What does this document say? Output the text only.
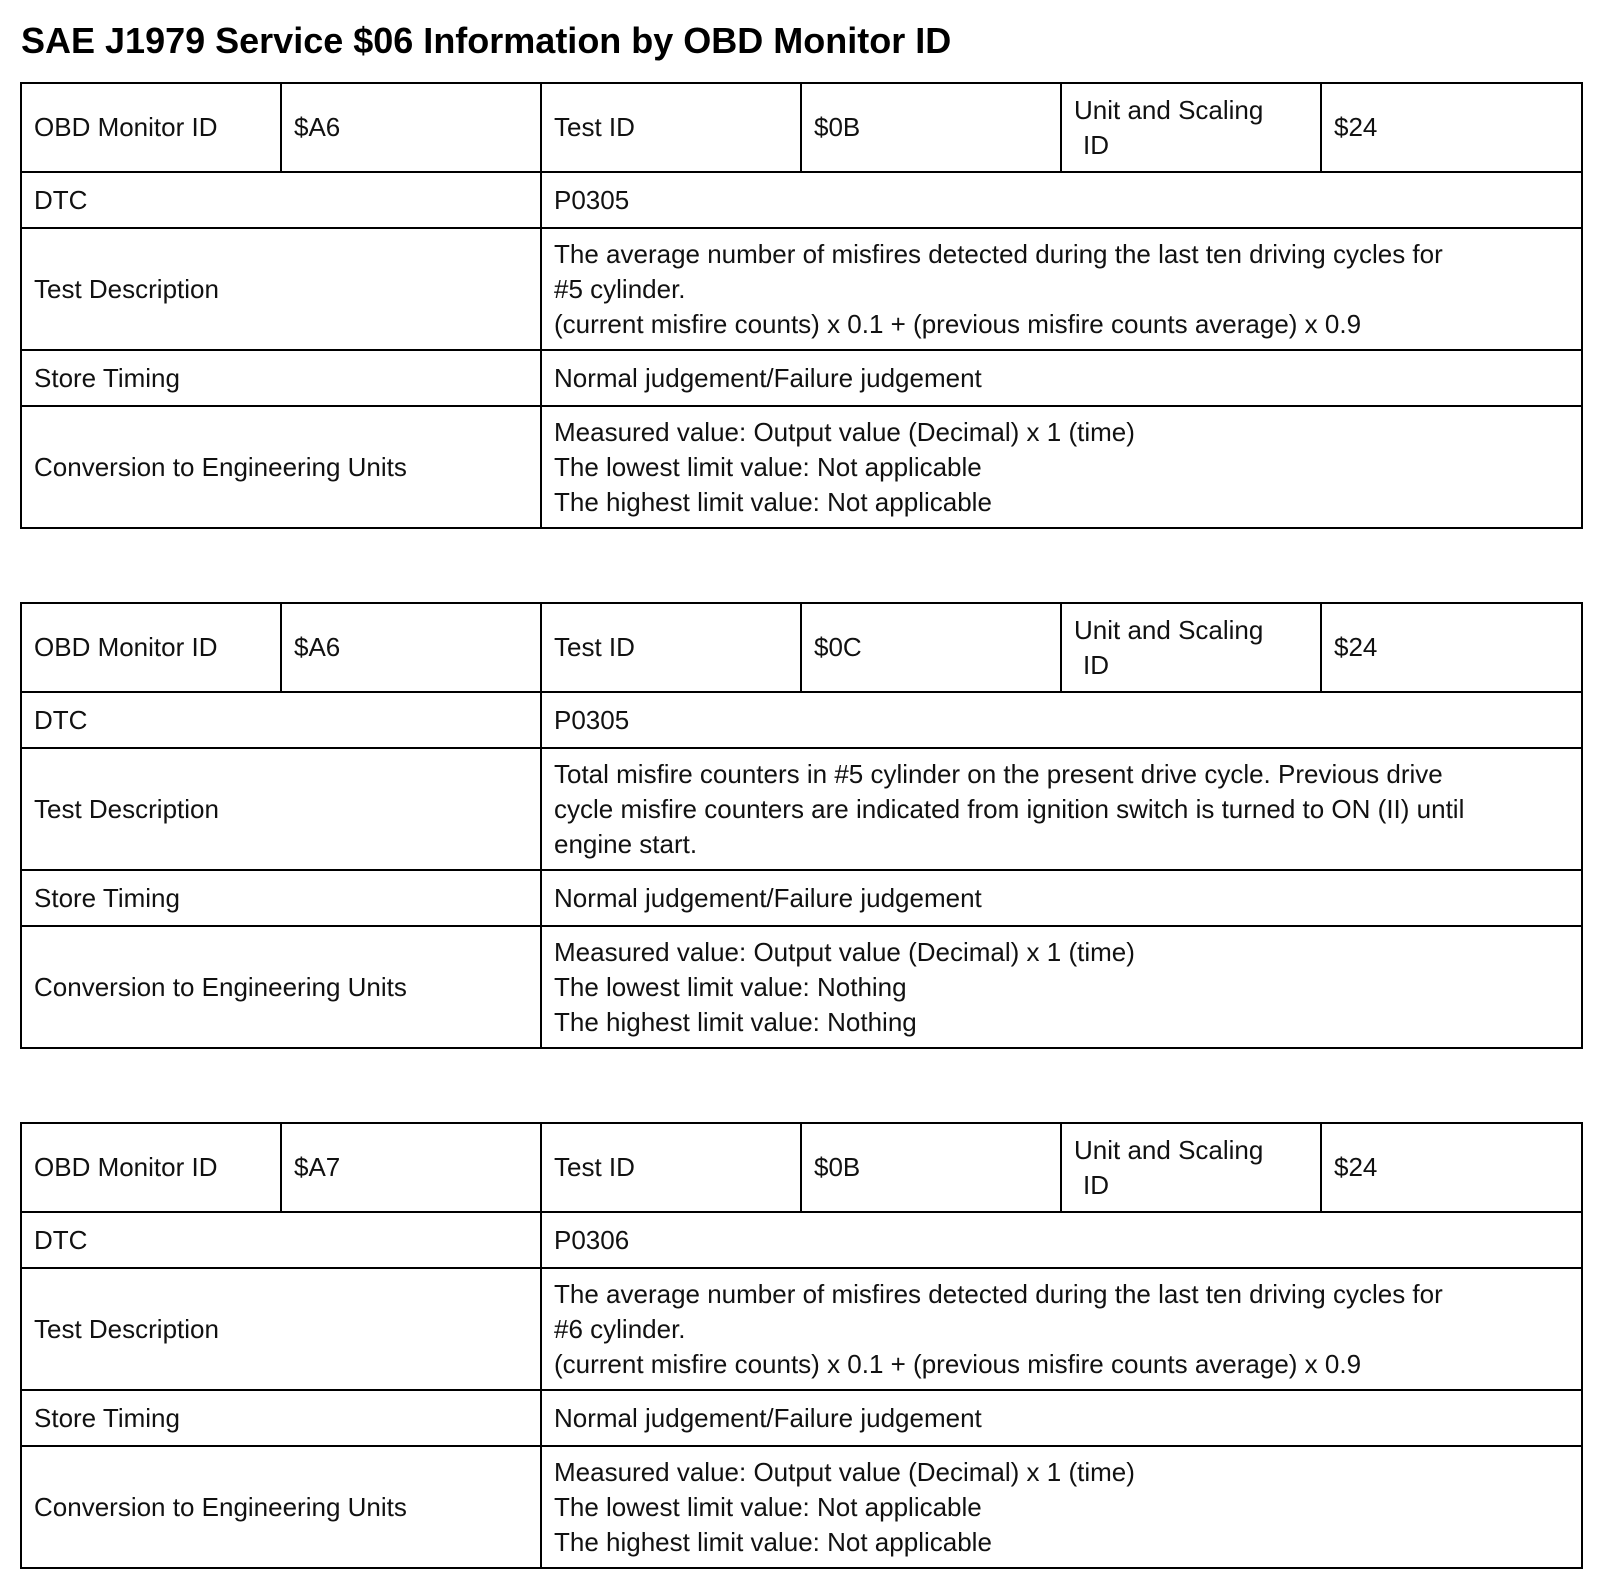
SAE J1979 Service $06 Information by OBD Monitor ID
OBD Monitor ID	$A6	Test ID	$0B	Unit and Scaling
ID	$24
DTC		P0305			
Test Description		The average number of misfires detected during the last ten driving cycles for
#5 cylinder.
(current misfire counts) x 0.1 + (previous misfire counts average) x 0.9			

Store Timing		Normal judgement/Failure judgement			
Conversion to Engineering Units		Measured value: Output value (Decimal) x 1 (time)
The lowest limit value: Not applicable
The highest limit value: Not applicable			
OBD Monitor ID	$A6	Test ID	$0C	Unit and Scaling
ID	$24
DTC		P0305			
Test Description		Total misfire counters in #5 cylinder on the present drive cycle. Previous drive
cycle misfire counters are indicated from ignition switch is turned to ON (II) until
engine start.			

Store Timing		Normal judgement/Failure judgement			
Conversion to Engineering Units		Measured value: Output value (Decimal) x 1 (time)
The lowest limit value: Nothing
The highest limit value: Nothing			
OBD Monitor ID	$A7	Test ID	$0B	Unit and Scaling
ID	$24
DTC		P0306			
Test Description		The average number of misfires detected during the last ten driving cycles for
#6 cylinder.
(current misfire counts) x 0.1 + (previous misfire counts average) x 0.9			

Store Timing		Normal judgement/Failure judgement			
Conversion to Engineering Units		Measured value: Output value (Decimal) x 1 (time)
The lowest limit value: Not applicable
The highest limit value: Not applicable			
